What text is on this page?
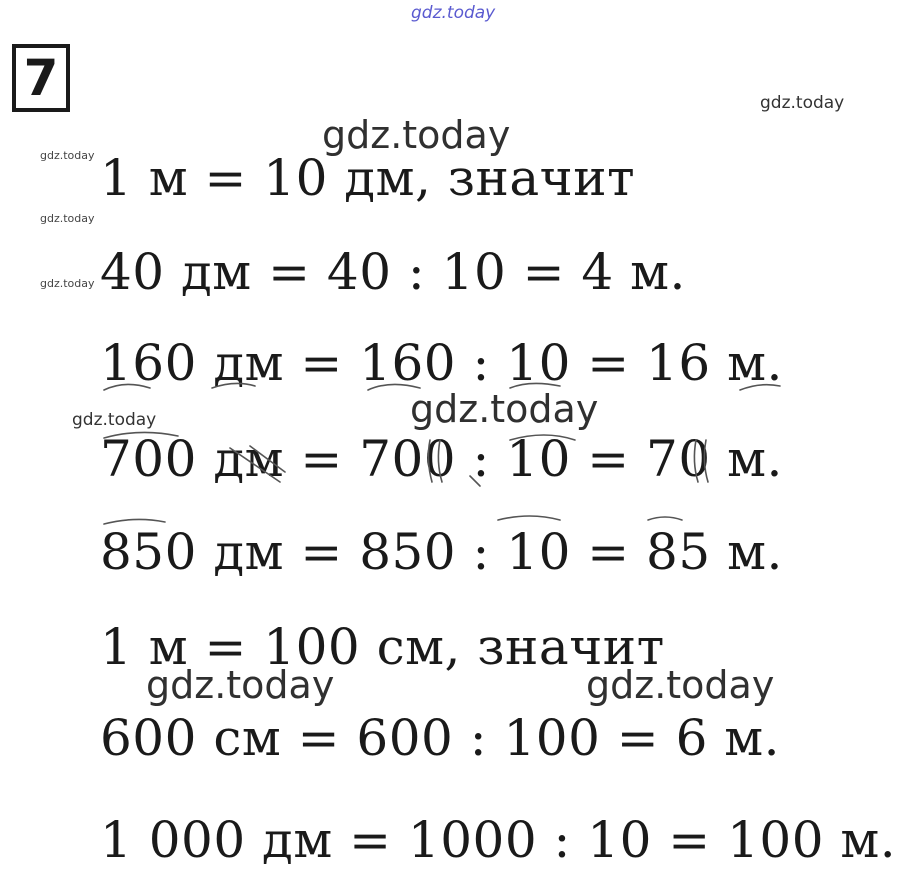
gdz.today
7	gdz.today
gdz.today
gdz.today
gdz.today
gdz.today
1 м = 10 дм, значит
40 дм = 40 : 10 = 4 м.
160 дм = 160 : 10 = 16 м.
gdz.today	gdz.today
700 дм = 700 : 10 = 70 м.
850 дм = 850 : 10 = 85 м.
1 м = 100 см, значит
gdz.today	gdz.today
600 см = 600 : 100 = 6 м.
1 000 дм = 1000 : 10 = 100 м.
